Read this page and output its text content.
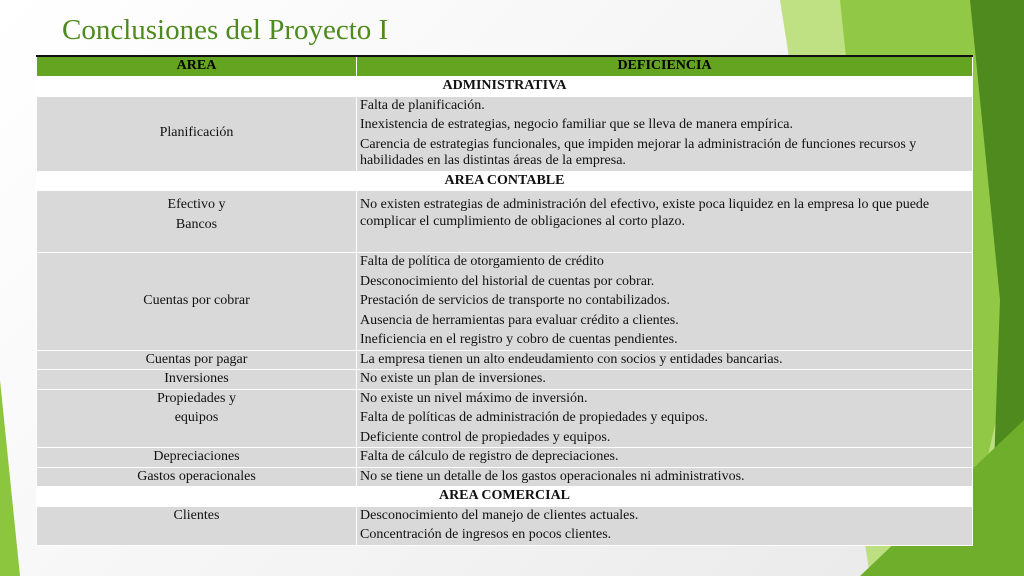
Conclusiones del Proyecto I
AREA	DEFICIENCIA
ADMINISTRATIVA	
Planificación	Falta de planificación.
Inexistencia de estrategias, negocio familiar que se lleva de manera empírica.
Carencia de estrategias funcionales, que impiden mejorar la administración de funciones recursos y habilidades en las distintas áreas de la empresa.

AREA CONTABLE	

Efectivo y
Bancos	No existen estrategias de administración del efectivo, existe poca liquidez en la empresa lo que puede complicar el cumplimiento de obligaciones al corto plazo.

Cuentas por cobrar	Falta de política de otorgamiento de crédito
Desconocimiento del historial de cuentas por cobrar.
Prestación de servicios de transporte no contabilizados.
Ausencia de herramientas para evaluar crédito a clientes.
Ineficiencia en el registro y cobro de cuentas pendientes.

Cuentas por pagar	La empresa tienen un alto endeudamiento con socios y entidades bancarias.

Inversiones	No existe un plan de inversiones.

Propiedades y
equipos	No existe un nivel máximo de inversión.
Falta de políticas de administración de propiedades y equipos.
Deficiente control de propiedades y equipos.

Depreciaciones	Falta de cálculo de registro de depreciaciones.

Gastos operacionales	No se tiene un detalle de los gastos operacionales ni administrativos.

AREA COMERCIAL	
Clientes	Desconocimiento del manejo de clientes actuales.
Concentración de ingresos en pocos clientes.
